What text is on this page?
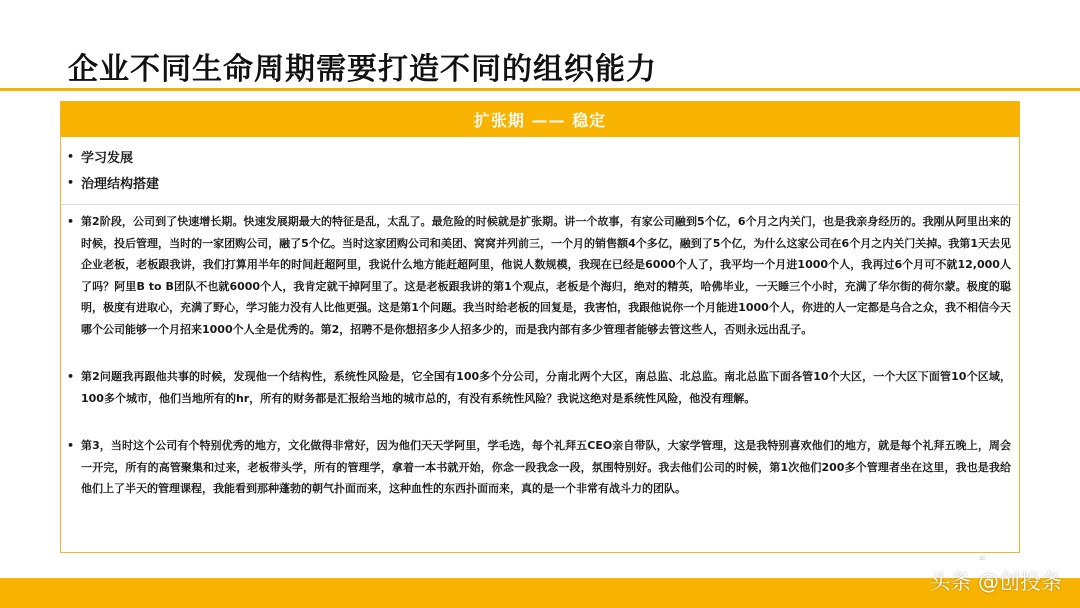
企业不同生命周期需要打造不同的组织能力
扩张期 —— 稳定
• 学习发展
• 治理结构搭建
• 第2阶段，公司到了快速增长期。快速发展期最大的特征是乱，太乱了。最危险的时候就是扩张期。讲一个故事，有家公司融到5个亿，6个月之内关门，也是我亲身经历的。我刚从阿里出来的时候，投后管理，当时的一家团购公司，融了5个亿。当时这家团购公司和美团、窝窝并列前三，一个月的销售额4个多亿，融到了5个亿，为什么这家公司在6个月之内关门关掉。我第1天去见企业老板，老板跟我讲，我们打算用半年的时间赶超阿里，我说什么地方能赶超阿里，他说人数规模，我现在已经是6000个人了，我平均一个月进1000个人，我再过6个月可不就12,000人了吗？阿里B to B团队不也就6000个人，我肯定就干掉阿里了。这是老板跟我讲的第1个观点，老板是个海归，绝对的精英，哈佛毕业，一天睡三个小时，充满了华尔街的荷尔蒙。极度的聪明，极度有进取心，充满了野心，学习能力没有人比他更强。这是第1个问题。我当时给老板的回复是，我害怕，我跟他说你一个月能进1000个人，你进的人一定都是乌合之众，我不相信今天哪个公司能够一个月招来1000个人全是优秀的。第2，招聘不是你想招多少人招多少的，而是我内部有多少管理者能够去管这些人，否则永远出乱子。
• 第2问题我再跟他共事的时候，发现他一个结构性，系统性风险是，它全国有100多个分公司，分南北两个大区，南总监、北总监。南北总监下面各管10个大区，一个大区下面管10个区域，100多个城市，他们当地所有的hr，所有的财务都是汇报给当地的城市总的，有没有系统性风险？我说这绝对是系统性风险，他没有理解。
• 第3，当时这个公司有个特别优秀的地方，文化做得非常好，因为他们天天学阿里，学毛选，每个礼拜五CEO亲自带队，大家学管理，这是我特别喜欢他们的地方，就是每个礼拜五晚上，周会一开完，所有的高管聚集和过来，老板带头学，所有的管理学，拿着一本书就开始，你念一段我念一段，氛围特别好。我去他们公司的时候，第1次他们200多个管理者坐在这里，我也是我给他们上了半天的管理课程，我能看到那种蓬勃的朝气扑面而来，这种血性的东西扑面而来，真的是一个非常有战斗力的团队。
∞
头条 @创投条
